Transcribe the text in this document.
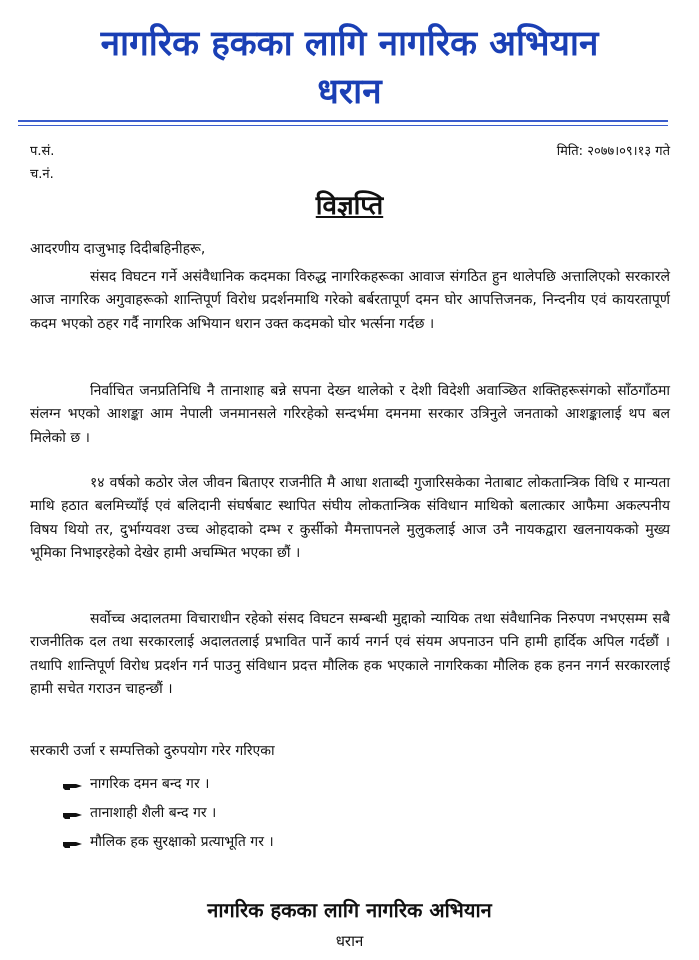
नागरिक हकका लागि नागरिक अभियान
धरान
प.सं.
च.नं.
मिति: २०७७।०९।१३ गते
विज्ञप्ति
आदरणीय दाजुभाइ दिदीबहिनीहरू,
संसद विघटन गर्ने असंवैधानिक कदमका विरुद्ध नागरिकहरूका आवाज संगठित हुन थालेपछि अत्तालिएको सरकारले आज नागरिक अगुवाहरूको शान्तिपूर्ण विरोध प्रदर्शनमाथि गरेको बर्बरतापूर्ण दमन घोर आपत्तिजनक, निन्दनीय एवं कायरतापूर्ण कदम भएको ठहर गर्दै नागरिक अभियान धरान उक्त कदमको घोर भर्त्सना गर्दछ ।
निर्वाचित जनप्रतिनिधि नै तानाशाह बन्ने सपना देख्न थालेको र देशी विदेशी अवाञ्छित शक्तिहरूसंगको साँठगाँठमा संलग्न भएको आशङ्का आम नेपाली जनमानसले गरिरहेको सन्दर्भमा दमनमा सरकार उत्रिनुले जनताको आशङ्कालाई थप बल मिलेको छ ।
१४ वर्षको कठोर जेल जीवन बिताएर राजनीति मै आधा शताब्दी गुजारिसकेका नेताबाट लोकतान्त्रिक विधि र मान्यता माथि हठात बलमिच्याँई एवं बलिदानी संघर्षबाट स्थापित संघीय लोकतान्त्रिक संविधान माथिको बलात्कार आफैमा अकल्पनीय विषय थियो तर, दुर्भाग्यवश उच्च ओहदाको दम्भ र कुर्सीको मैमत्तापनले मुलुकलाई आज उनै नायकद्वारा खलनायकको मुख्य भूमिका निभाइरहेको देखेर हामी अचम्भित भएका छौं ।
सर्वोच्च अदालतमा विचाराधीन रहेको संसद विघटन सम्बन्धी मुद्दाको न्यायिक तथा संवैधानिक निरुपण नभएसम्म सबै राजनीतिक दल तथा सरकारलाई अदालतलाई प्रभावित पार्ने कार्य नगर्न एवं संयम अपनाउन पनि हामी हार्दिक अपिल गर्दछौं । तथापि शान्तिपूर्ण विरोध प्रदर्शन गर्न पाउनु संविधान प्रदत्त मौलिक हक भएकाले नागरिकका मौलिक हक हनन नगर्न सरकारलाई हामी सचेत गराउन चाहन्छौं ।
सरकारी उर्जा र सम्पत्तिको दुरुपयोग गरेर गरिएका
नागरिक दमन बन्द गर ।
तानाशाही शैली बन्द गर ।
मौलिक हक सुरक्षाको प्रत्याभूति गर ।
नागरिक हकका लागि नागरिक अभियान
धरान
